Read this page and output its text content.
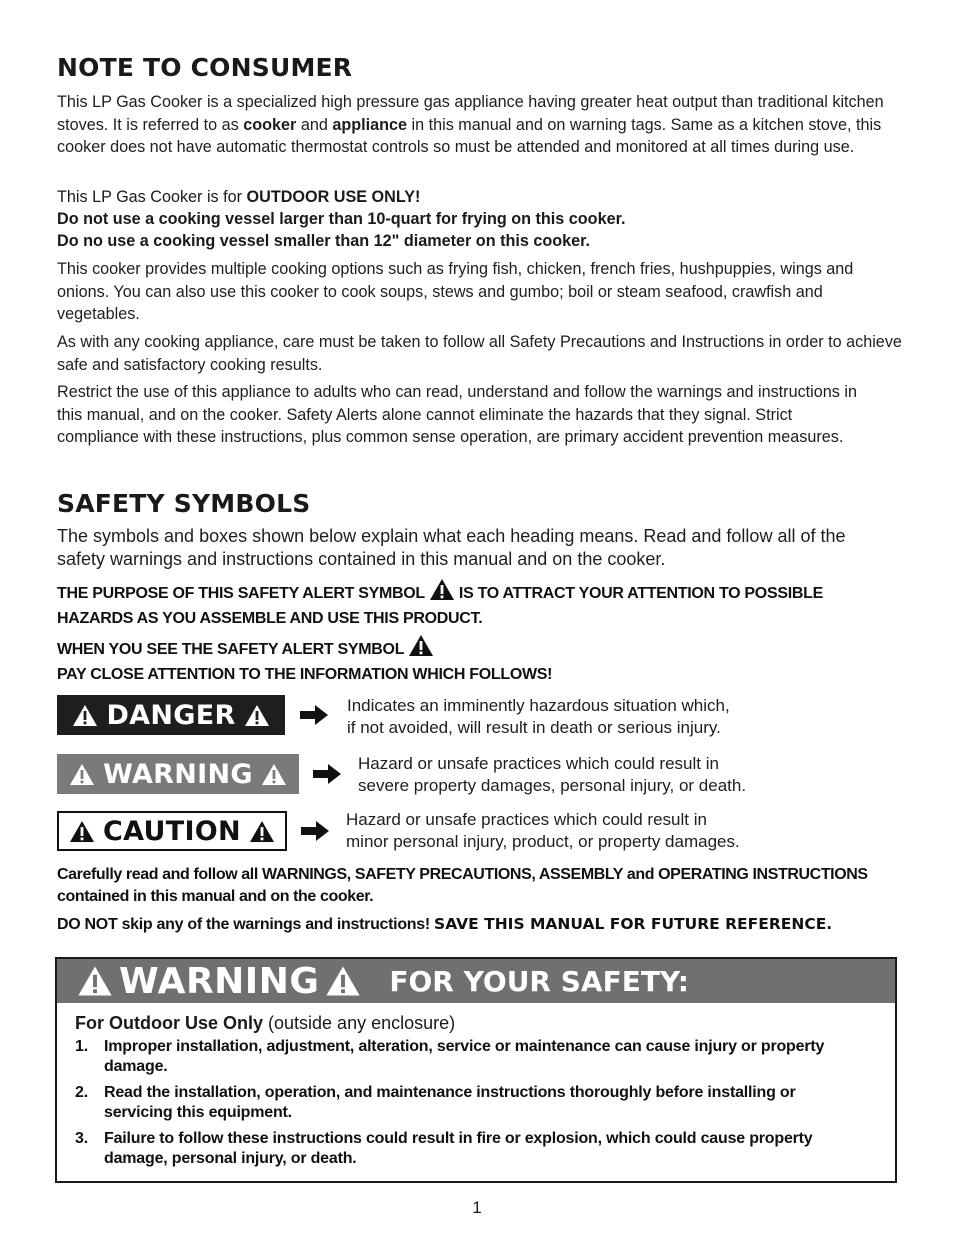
NOTE TO CONSUMER

This LP Gas Cooker is a specialized high pressure gas appliance having greater heat output than traditional kitchen stoves. It is referred to as cooker and appliance in this manual and on warning tags. Same as a kitchen stove, this cooker does not have automatic thermostat controls so must be attended and monitored at all times during use.

This LP Gas Cooker is for OUTDOOR USE ONLY!
Do not use a cooking vessel larger than 10-quart for frying on this cooker.
Do no use a cooking vessel smaller than 12" diameter on this cooker.

This cooker provides multiple cooking options such as frying fish, chicken, french fries, hushpuppies, wings and onions. You can also use this cooker to cook soups, stews and gumbo; boil or steam seafood, crawfish and vegetables.

As with any cooking appliance, care must be taken to follow all Safety Precautions and Instructions in order to achieve safe and satisfactory cooking results.

Restrict the use of this appliance to adults who can read, understand and follow the warnings and instructions in this manual, and on the cooker. Safety Alerts alone cannot eliminate the hazards that they signal. Strict compliance with these instructions, plus common sense operation, are primary accident prevention measures.

SAFETY SYMBOLS

The symbols and boxes shown below explain what each heading means. Read and follow all of the safety warnings and instructions contained in this manual and on the cooker.

THE PURPOSE OF THIS SAFETY ALERT SYMBOL IS TO ATTRACT YOUR ATTENTION TO POSSIBLE HAZARDS AS YOU ASSEMBLE AND USE THIS PRODUCT.
WHEN YOU SEE THE SAFETY ALERT SYMBOL
PAY CLOSE ATTENTION TO THE INFORMATION WHICH FOLLOWS!
DANGER	Indicates an imminently hazardous situation which,
if not avoided, will result in death or serious injury.
WARNING	Hazard or unsafe practices which could result in
severe property damages, personal injury, or death.
CAUTION	Hazard or unsafe practices which could result in
minor personal injury, product, or property damages.
Carefully read and follow all WARNINGS, SAFETY PRECAUTIONS, ASSEMBLY and OPERATING INSTRUCTIONS contained in this manual and on the cooker.
DO NOT skip any of the warnings and instructions! SAVE THIS MANUAL FOR FUTURE REFERENCE.
WARNING	FOR YOUR SAFETY:
For Outdoor Use Only (outside any enclosure)
1. Improper installation, adjustment, alteration, service or maintenance can cause injury or property damage.
2. Read the installation, operation, and maintenance instructions thoroughly before installing or servicing this equipment.
3. Failure to follow these instructions could result in fire or explosion, which could cause property damage, personal injury, or death.
1
